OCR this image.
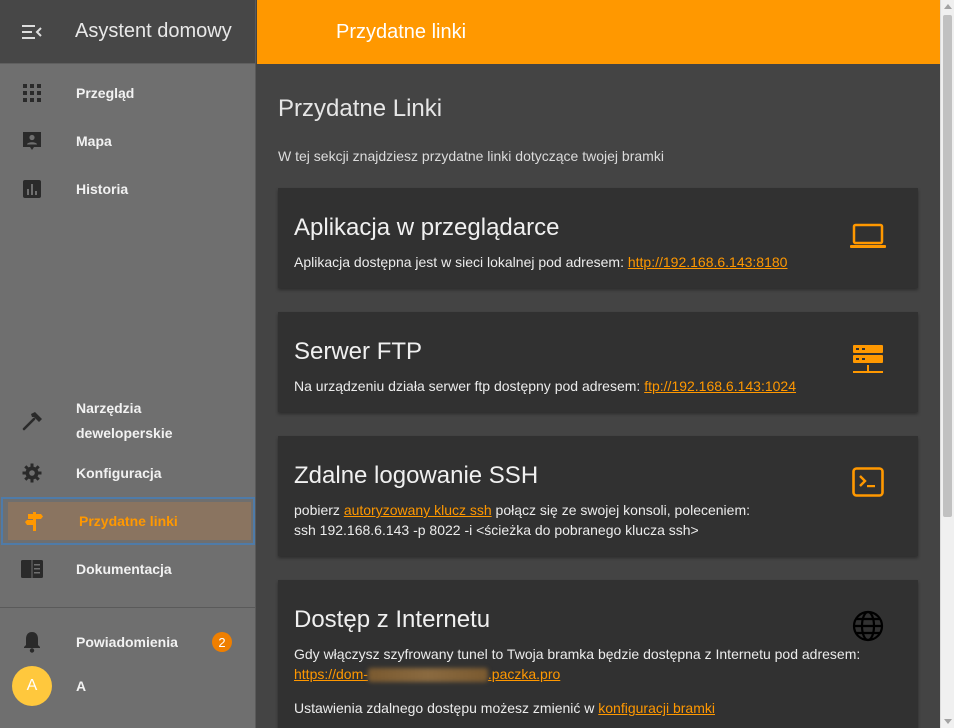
Asystent domowy
Przegląd
Mapa
Historia
Narzędzia
deweloperskie
Konfiguracja
Przydatne linki
Dokumentacja
Powiadomienia	2
A	A
Przydatne linki
Przydatne Linki

W tej sekcji znajdziesz przydatne linki dotyczące twojej bramki

Aplikacja w przeglądarce
Aplikacja dostępna jest w sieci lokalnej pod adresem: http://192.168.6.143:8180
Serwer FTP
Na urządzeniu działa serwer ftp dostępny pod adresem: ftp://192.168.6.143:1024
Zdalne logowanie SSH
pobierz autoryzowany klucz ssh połącz się ze swojej konsoli, poleceniem:
ssh 192.168.6.143 -p 8022 -i <ścieżka do pobranego klucza ssh>
Dostęp z Internetu
Gdy włączysz szyfrowany tunel to Twoja bramka będzie dostępna z Internetu pod adresem:
https://dom-	.paczka.pro
Ustawienia zdalnego dostępu możesz zmienić w konfiguracji bramki
